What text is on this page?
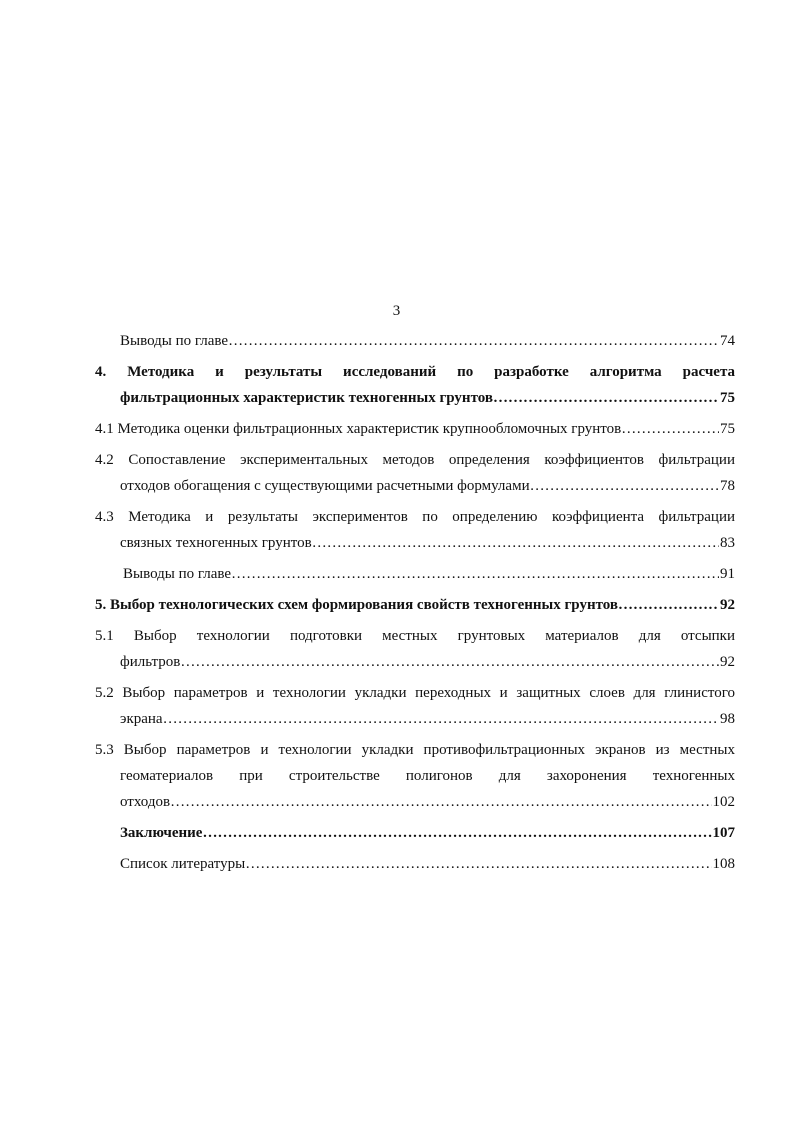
3
Выводы по главе …………………………………………………………………………………………………………………………………………………………………………………………………………………………	74
4. Методика и результаты исследований по разработке алгоритма расчета
фильтрационных характеристик техногенных грунтов …………………………………………………………………………………………………………………………………………………………………………………………………………………………	75
4.1 Методика оценки фильтрационных характеристик крупнообломочных грунтов …………………………………………………………………………………………………………………………………………………………………………………………………………………………	75
4.2 Сопоставление экспериментальных методов определения коэффициентов фильтрации
отходов обогащения с существующими расчетными формулами …………………………………………………………………………………………………………………………………………………………………………………………………………………………	78
4.3 Методика и результаты экспериментов по определению коэффициента фильтрации
связных техногенных грунтов …………………………………………………………………………………………………………………………………………………………………………………………………………………………	83
Выводы по главе …………………………………………………………………………………………………………………………………………………………………………………………………………………………	91
5. Выбор технологических схем формирования свойств техногенных грунтов …………………………………………………………………………………………………………………………………………………………………………………………………………………………	92
5.1 Выбор технологии подготовки местных грунтовых материалов для отсыпки
фильтров …………………………………………………………………………………………………………………………………………………………………………………………………………………………	92
5.2 Выбор параметров и технологии укладки переходных и защитных слоев для глинистого
экрана …………………………………………………………………………………………………………………………………………………………………………………………………………………………	98
5.3 Выбор параметров и технологии укладки противофильтрационных экранов из местных
геоматериалов при строительстве полигонов для захоронения техногенных
отходов …………………………………………………………………………………………………………………………………………………………………………………………………………………………	102
Заключение …………………………………………………………………………………………………………………………………………………………………………………………………………………………	107
Список литературы …………………………………………………………………………………………………………………………………………………………………………………………………………………………	108
